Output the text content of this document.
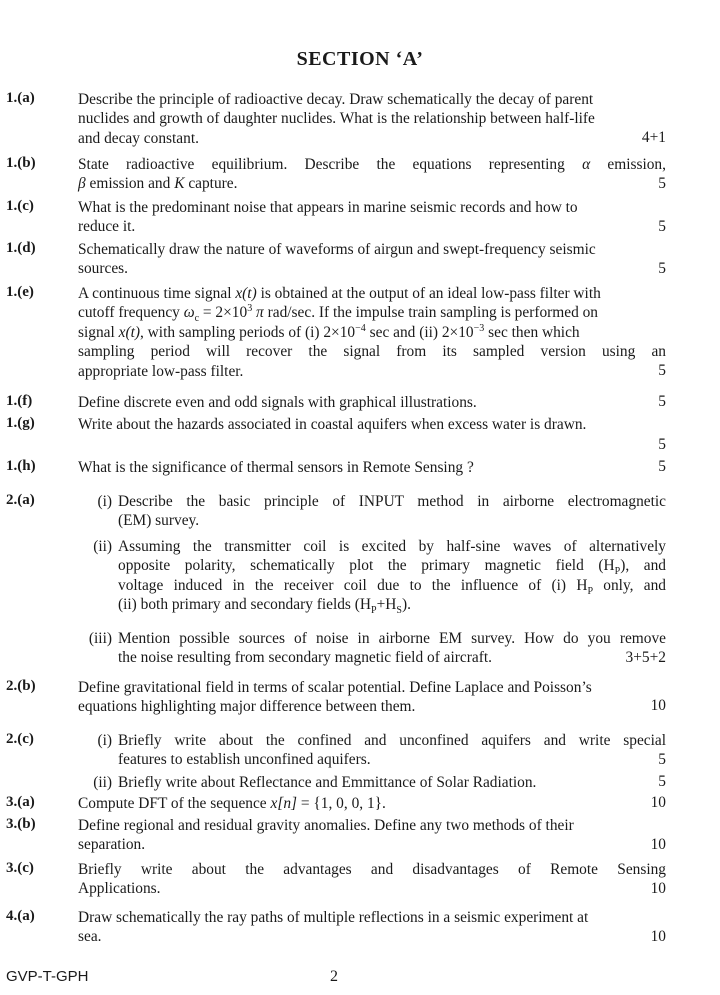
SECTION ‘A’
1.(a)	Describe the principle of radioactive decay. Draw schematically the decay of parent
nuclides and growth of daughter nuclides. What is the relationship between half-life
and decay constant.	4+1
1.(b)	State radioactive equilibrium. Describe the equations representing α emission,
β emission and K capture.	5
1.(c)	What is the predominant noise that appears in marine seismic records and how to
reduce it.	5
1.(d)	Schematically draw the nature of waveforms of airgun and swept-frequency seismic
sources.	5
1.(e)	A continuous time signal x(t) is obtained at the output of an ideal low-pass filter with
cutoff frequency $\omega_c = 2\times 10^3$ π rad/sec. If the impulse train sampling is performed on
signal x(t), with sampling periods of (i) $2\times 10^{-4}$ sec and (ii) $2\times 10^{-3}$ sec then which
sampling period will recover the signal from its sampled version using an
appropriate low-pass filter.	5
1.(f)	Define discrete even and odd signals with graphical illustrations.	5
1.(g)	Write about the hazards associated in coastal aquifers when excess water is drawn.
5
1.(h)	What is the significance of thermal sensors in Remote Sensing ?	5
2.(a)	(i) Describe the basic principle of INPUT method in airborne electromagnetic
(EM) survey.
(ii) Assuming the transmitter coil is excited by half-sine waves of alternatively
opposite polarity, schematically plot the primary magnetic field $(H_P)$, and
voltage induced in the receiver coil due to the influence of (i) $H_P$ only, and
(ii) both primary and secondary fields $(H_P+H_S)$.
(iii) Mention possible sources of noise in airborne EM survey. How do you remove
the noise resulting from secondary magnetic field of aircraft.	3+5+2
2.(b)	Define gravitational field in terms of scalar potential. Define Laplace and Poisson’s
equations highlighting major difference between them.	10
2.(c)	(i) Briefly write about the confined and unconfined aquifers and write special
features to establish unconfined aquifers.	5
(ii) Briefly write about Reflectance and Emmittance of Solar Radiation.	5
3.(a)	Compute DFT of the sequence x[n] = {1, 0, 0, 1}.	10
3.(b)	Define regional and residual gravity anomalies. Define any two methods of their
separation.	10
3.(c)	Briefly write about the advantages and disadvantages of Remote Sensing
Applications.	10
4.(a)	Draw schematically the ray paths of multiple reflections in a seismic experiment at
sea.	10
GVP-T-GPH	2
